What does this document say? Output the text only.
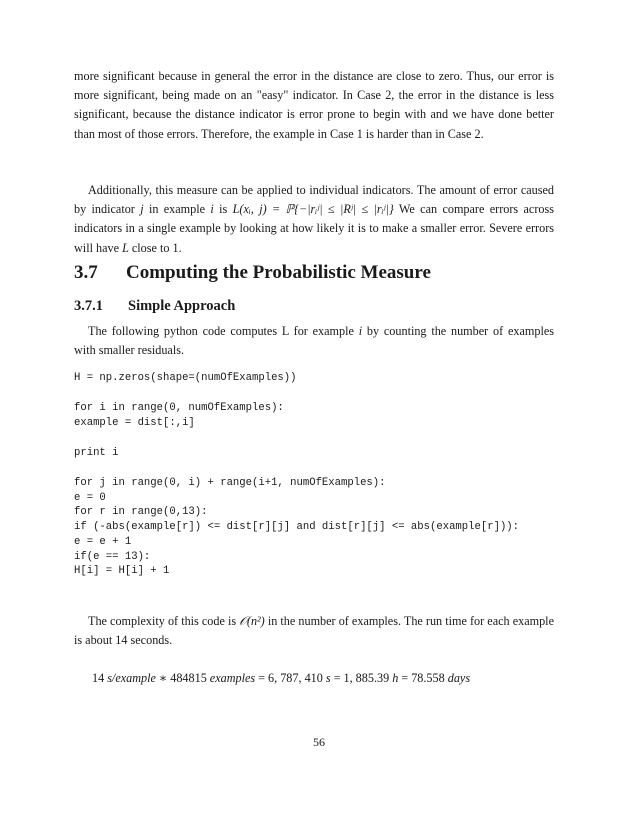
more significant because in general the error in the distance are close to zero. Thus, our error is more significant, being made on an "easy" indicator. In Case 2, the error in the distance is less significant, because the distance indicator is error prone to begin with and we have done better than most of those errors. Therefore, the example in Case 1 is harder than in Case 2.

Additionally, this measure can be applied to individual indicators. The amount of error caused by indicator j in example i is L(xᵢ, j) = ℙ{−|rᵢʲ| ≤ |Rʲ| ≤ |rᵢʲ|} We can compare errors across indicators in a single example by looking at how likely it is to make a smaller error. Severe errors will have L close to 1.

3.7 Computing the Probabilistic Measure
3.7.1 Simple Approach

The following python code computes L for example i by counting the number of examples with smaller residuals.

H = np.zeros(shape=(numOfExamples))
for i in range(0, numOfExamples):
example = dist[:,i]
print i
for j in range(0, i) + range(i+1, numOfExamples):
e = 0
for r in range(0,13):
if (-abs(example[r]) <= dist[r][j] and dist[r][j] <= abs(example[r])):
e = e + 1
if(e == 13):
H[i] = H[i] + 1

The complexity of this code is 𝒪(n²) in the number of examples. The run time for each example is about 14 seconds.

14 s/example ∗ 484815 examples = 6, 787, 410 s = 1, 885.39 h = 78.558 days

56
